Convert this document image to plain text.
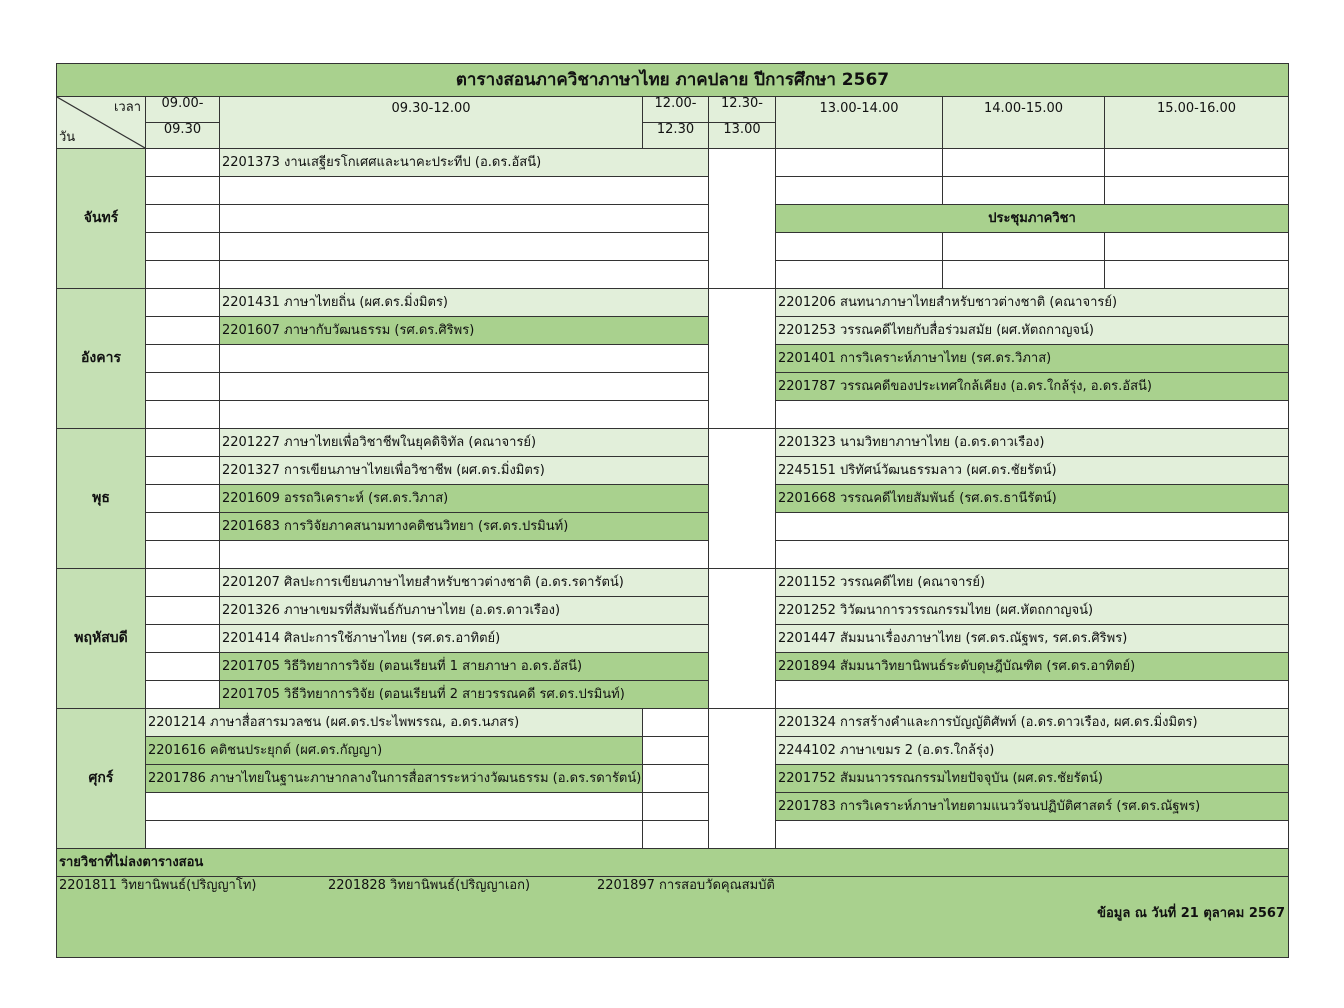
ตารางสอนภาควิชาภาษาไทย ภาคปลาย ปีการศึกษา 2567							

เวลา
วัน	09.00-	09.30-12.00	12.00-	12.30-	13.00-14.00	14.00-15.00	15.00-16.00
	09.30		12.30	13.00			
จันทร์		2201373 งานเสฐียรโกเศศและนาคะประทีป (อ.ดร.อัสนี)					

					ประชุมภาควิชา		

อังคาร		2201431 ภาษาไทยถิ่น (ผศ.ดร.มิ่งมิตร)			2201206 สนทนาภาษาไทยสำหรับชาวต่างชาติ (คณาจารย์)		
		2201607 ภาษากับวัฒนธรรม (รศ.ดร.ศิริพร)			2201253 วรรณคดีไทยกับสื่อร่วมสมัย (ผศ.หัตถกาญจน์)		
					2201401 การวิเคราะห์ภาษาไทย (รศ.ดร.วิภาส)		
					2201787 วรรณคดีของประเทศใกล้เคียง (อ.ดร.ใกล้รุ่ง, อ.ดร.อัสนี)		

พุธ		2201227 ภาษาไทยเพื่อวิชาชีพในยุคดิจิทัล (คณาจารย์)			2201323 นามวิทยาภาษาไทย (อ.ดร.ดาวเรือง)		
		2201327 การเขียนภาษาไทยเพื่อวิชาชีพ (ผศ.ดร.มิ่งมิตร)			2245151 ปริทัศน์วัฒนธรรมลาว (ผศ.ดร.ชัยรัตน์)		
		2201609 อรรถวิเคราะห์ (รศ.ดร.วิภาส)			2201668 วรรณคดีไทยสัมพันธ์ (รศ.ดร.ธานีรัตน์)		
		2201683 การวิจัยภาคสนามทางคติชนวิทยา (รศ.ดร.ปรมินท์)					

พฤหัสบดี		2201207 ศิลปะการเขียนภาษาไทยสำหรับชาวต่างชาติ (อ.ดร.รดารัตน์)			2201152 วรรณคดีไทย (คณาจารย์)		
		2201326 ภาษาเขมรที่สัมพันธ์กับภาษาไทย (อ.ดร.ดาวเรือง)			2201252 วิวัฒนาการวรรณกรรมไทย (ผศ.หัตถกาญจน์)		
		2201414 ศิลปะการใช้ภาษาไทย (รศ.ดร.อาทิตย์)			2201447 สัมมนาเรื่องภาษาไทย (รศ.ดร.ณัฐพร, รศ.ดร.ศิริพร)		
		2201705 วิธีวิทยาการวิจัย (ตอนเรียนที่ 1 สายภาษา อ.ดร.อัสนี)			2201894 สัมมนาวิทยานิพนธ์ระดับดุษฎีบัณฑิต (รศ.ดร.อาทิตย์)		
		2201705 วิธีวิทยาการวิจัย (ตอนเรียนที่ 2 สายวรรณคดี รศ.ดร.ปรมินท์)					
ศุกร์	2201214 ภาษาสื่อสารมวลชน (ผศ.ดร.ประไพพรรณ, อ.ดร.นภสร)				2201324 การสร้างคำและการบัญญัติศัพท์ (อ.ดร.ดาวเรือง, ผศ.ดร.มิ่งมิตร)		
	2201616 คติชนประยุกต์ (ผศ.ดร.กัญญา)				2244102 ภาษาเขมร 2 (อ.ดร.ใกล้รุ่ง)		
	2201786 ภาษาไทยในฐานะภาษากลางในการสื่อสารระหว่างวัฒนธรรม (อ.ดร.รดารัตน์)				2201752 สัมมนาวรรณกรรมไทยปัจจุบัน (ผศ.ดร.ชัยรัตน์)		
					2201783 การวิเคราะห์ภาษาไทยตามแนววัจนปฏิบัติศาสตร์ (รศ.ดร.ณัฐพร)		

รายวิชาที่ไม่ลงตารางสอน							

2201811 วิทยานิพนธ์(ปริญญาโท) 2201828 วิทยานิพนธ์(ปริญญาเอก) 2201897 การสอบวัดคุณสมบัติ
ข้อมูล ณ วันที่ 21 ตุลาคม 2567							
